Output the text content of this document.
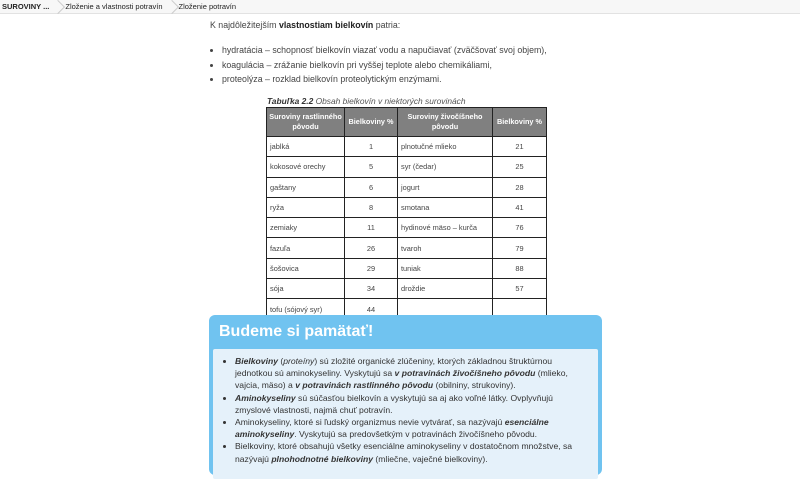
SUROVINY ...	Zloženie a vlastnosti potravín	Zloženie potravín
K najdôležitejším vlastnostiam bielkovín patria:
• hydratácia – schopnosť bielkovín viazať vodu a napučiavať (zväčšovať svoj objem),
• koagulácia – zrážanie bielkovín pri vyššej teplote alebo chemikáliami,
• proteolýza – rozklad bielkovín proteolytickým enzýmami.
Tabuľka 2.2 Obsah bielkovín v niektorých surovinách
Suroviny rastlinného pôvodu	Bielkoviny %	Suroviny živočíšneho pôvodu	Bielkoviny %
jablká	1	plnotučné mlieko	21
kokosové orechy	5	syr (čedar)	25
gaštany	6	jogurt	28
ryža	8	smotana	41
zemiaky	11	hydinové mäso – kurča	76
fazuľa	26	tvaroh	79
šošovica	29	tuniak	88
sója	34	droždie	57
tofu (sójový syr)	44		
Budeme si pamätať!
• Bielkoviny (proteíny) sú zložité organické zlúčeniny, ktorých základnou štruktúrnou jednotkou sú aminokyseliny. Vyskytujú sa v potravinách živočíšneho pôvodu (mlieko, vajcia, mäso) a v potravinách rastlinného pôvodu (obilniny, strukoviny).
• Aminokyseliny sú súčasťou bielkovín a vyskytujú sa aj ako voľné látky. Ovplyvňujú zmyslové vlastnosti, najmä chuť potravín.
• Aminokyseliny, ktoré si ľudský organizmus nevie vytvárať, sa nazývajú esenciálne aminokyseliny. Vyskytujú sa predovšetkým v potravinách živočíšneho pôvodu.
• Bielkoviny, ktoré obsahujú všetky esenciálne aminokyseliny v dostatočnom množstve, sa nazývajú plnohodnotné bielkoviny (mliečne, vaječné bielkoviny).
